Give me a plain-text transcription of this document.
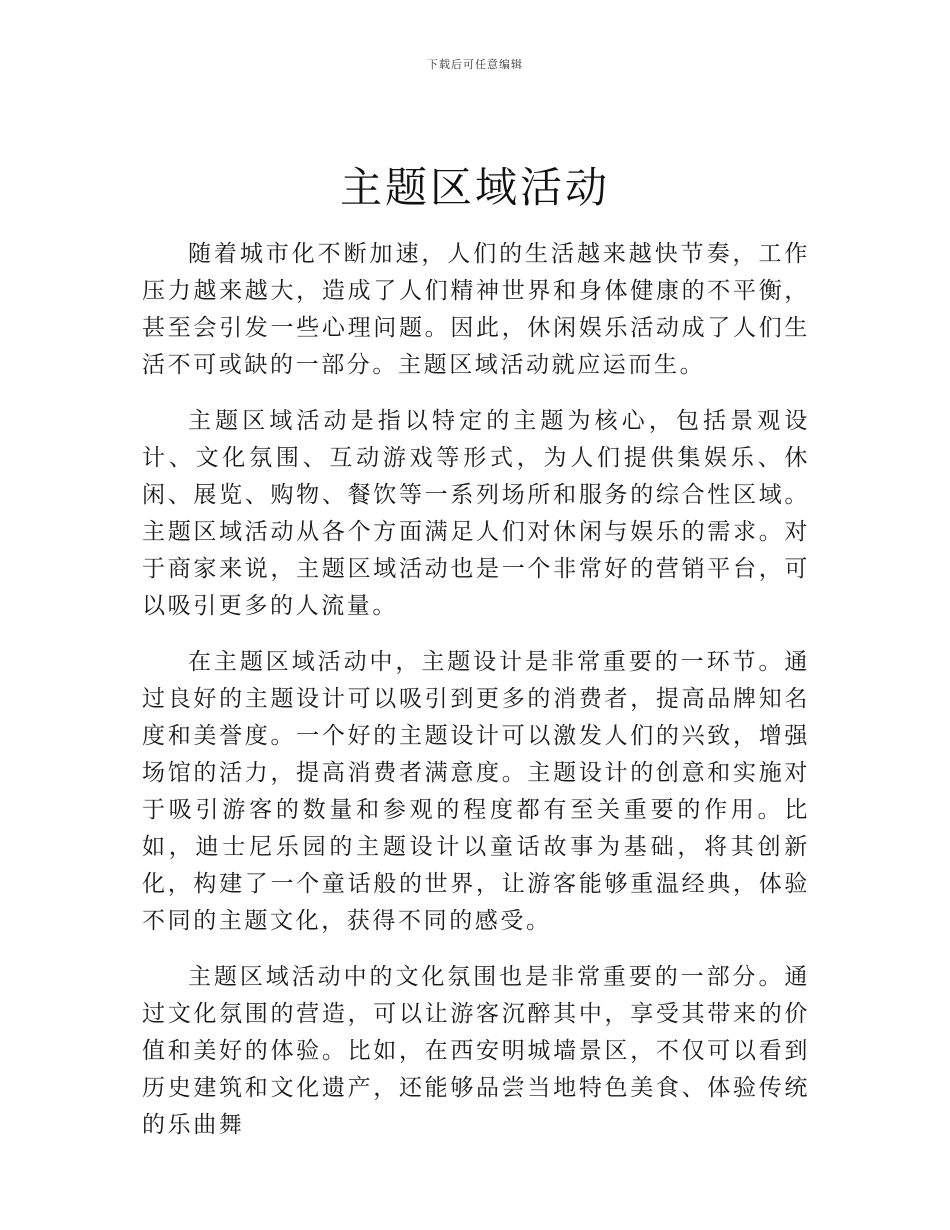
下载后可任意编辑
主题区域活动

随着城市化不断加速，人们的生活越来越快节奏，工作压力越来越大，造成了人们精神世界和身体健康的不平衡，甚至会引发一些心理问题。因此，休闲娱乐活动成了人们生活不可或缺的一部分。主题区域活动就应运而生。

主题区域活动是指以特定的主题为核心，包括景观设计、文化氛围、互动游戏等形式，为人们提供集娱乐、休闲、展览、购物、餐饮等一系列场所和服务的综合性区域。主题区域活动从各个方面满足人们对休闲与娱乐的需求。对于商家来说，主题区域活动也是一个非常好的营销平台，可以吸引更多的人流量。

在主题区域活动中，主题设计是非常重要的一环节。通过良好的主题设计可以吸引到更多的消费者，提高品牌知名度和美誉度。一个好的主题设计可以激发人们的兴致，增强场馆的活力，提高消费者满意度。主题设计的创意和实施对于吸引游客的数量和参观的程度都有至关重要的作用。比如，迪士尼乐园的主题设计以童话故事为基础，将其创新化，构建了一个童话般的世界，让游客能够重温经典，体验不同的主题文化，获得不同的感受。

主题区域活动中的文化氛围也是非常重要的一部分。通过文化氛围的营造，可以让游客沉醉其中，享受其带来的价值和美好的体验。比如，在西安明城墙景区，不仅可以看到历史建筑和文化遗产，还能够品尝当地特色美食、体验传统的乐曲舞
